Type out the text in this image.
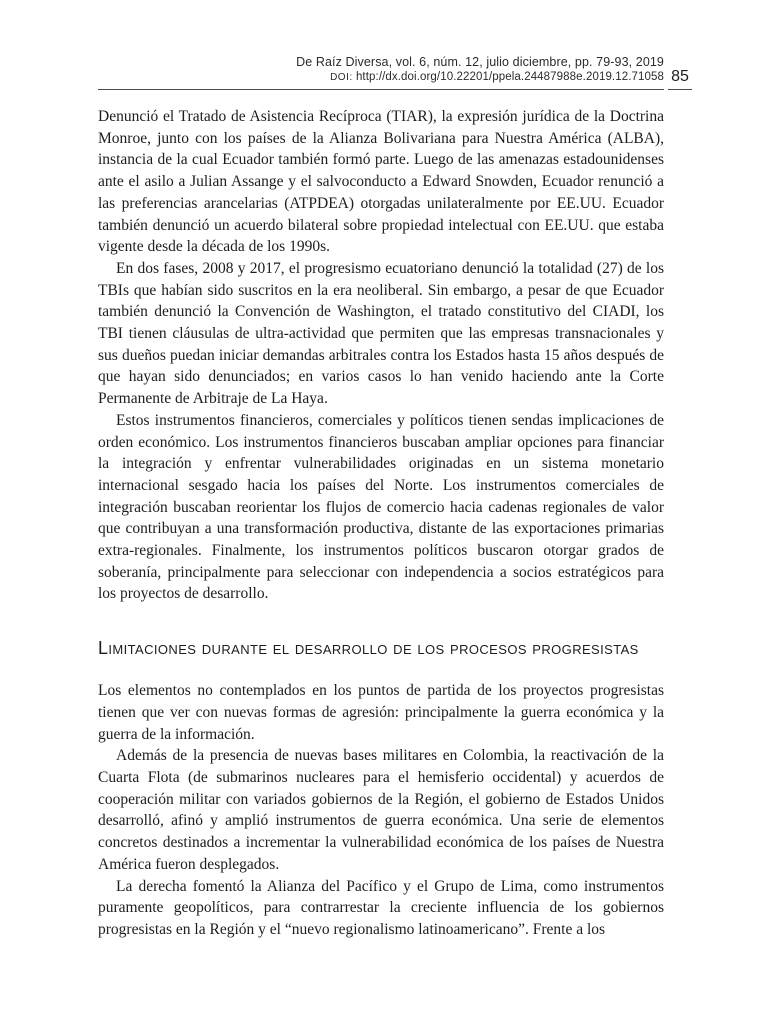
De Raíz Diversa, vol. 6, núm. 12, julio diciembre, pp. 79-93, 2019
DOI: http://dx.doi.org/10.22201/ppela.24487988e.2019.12.71058 85

Denunció el Tratado de Asistencia Recíproca (TIAR), la expresión jurídica de la Doctrina Monroe, junto con los países de la Alianza Bolivariana para Nuestra América (ALBA), instancia de la cual Ecuador también formó parte. Luego de las amenazas estadounidenses ante el asilo a Julian Assange y el salvoconducto a Edward Snowden, Ecuador renunció a las preferencias arancelarias (ATPDEA) otorgadas unilateralmente por EE.UU. Ecuador también denunció un acuerdo bilateral sobre propiedad intelectual con EE.UU. que estaba vigente desde la década de los 1990s.

En dos fases, 2008 y 2017, el progresismo ecuatoriano denunció la totalidad (27) de los TBIs que habían sido suscritos en la era neoliberal. Sin embargo, a pesar de que Ecuador también denunció la Convención de Washington, el tratado constitutivo del CIADI, los TBI tienen cláusulas de ultra-actividad que permiten que las empresas transnacionales y sus dueños puedan iniciar demandas arbitrales contra los Estados hasta 15 años después de que hayan sido denunciados; en varios casos lo han venido haciendo ante la Corte Permanente de Arbitraje de La Haya.

Estos instrumentos financieros, comerciales y políticos tienen sendas implicaciones de orden económico. Los instrumentos financieros buscaban ampliar opciones para financiar la integración y enfrentar vulnerabilidades originadas en un sistema monetario internacional sesgado hacia los países del Norte. Los instrumentos comerciales de integración buscaban reorientar los flujos de comercio hacia cadenas regionales de valor que contribuyan a una transformación productiva, distante de las exportaciones primarias extra-regionales. Finalmente, los instrumentos políticos buscaron otorgar grados de soberanía, principalmente para seleccionar con independencia a socios estratégicos para los proyectos de desarrollo.

Limitaciones durante el desarrollo de los procesos progresistas

Los elementos no contemplados en los puntos de partida de los proyectos progresistas tienen que ver con nuevas formas de agresión: principalmente la guerra económica y la guerra de la información.

Además de la presencia de nuevas bases militares en Colombia, la reactivación de la Cuarta Flota (de submarinos nucleares para el hemisferio occidental) y acuerdos de cooperación militar con variados gobiernos de la Región, el gobierno de Estados Unidos desarrolló, afinó y amplió instrumentos de guerra económica. Una serie de elementos concretos destinados a incrementar la vulnerabilidad económica de los países de Nuestra América fueron desplegados.

La derecha fomentó la Alianza del Pacífico y el Grupo de Lima, como instrumentos puramente geopolíticos, para contrarrestar la creciente influencia de los gobiernos progresistas en la Región y el “nuevo regionalismo latinoamericano”. Frente a los
